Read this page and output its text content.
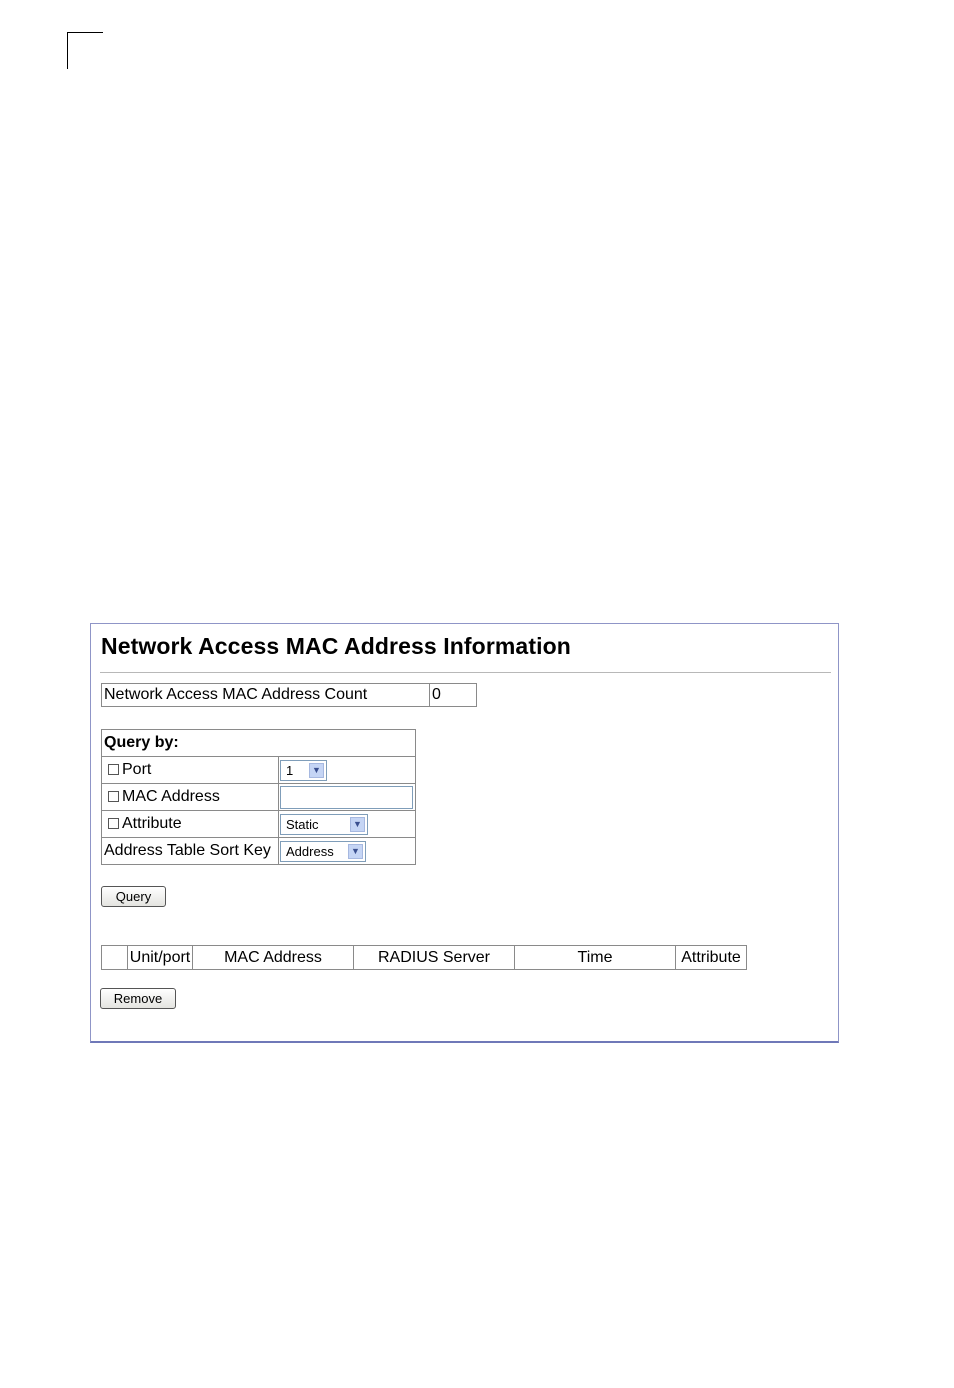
Network Access MAC Address Information
Network Access MAC Address Count	0
Query by:	
Port	1 ▼

MAC Address	
Attribute	Static ▼

Address Table Sort Key	Address ▼
Query
	Unit/port	MAC Address	RADIUS Server	Time	Attribute
Remove
